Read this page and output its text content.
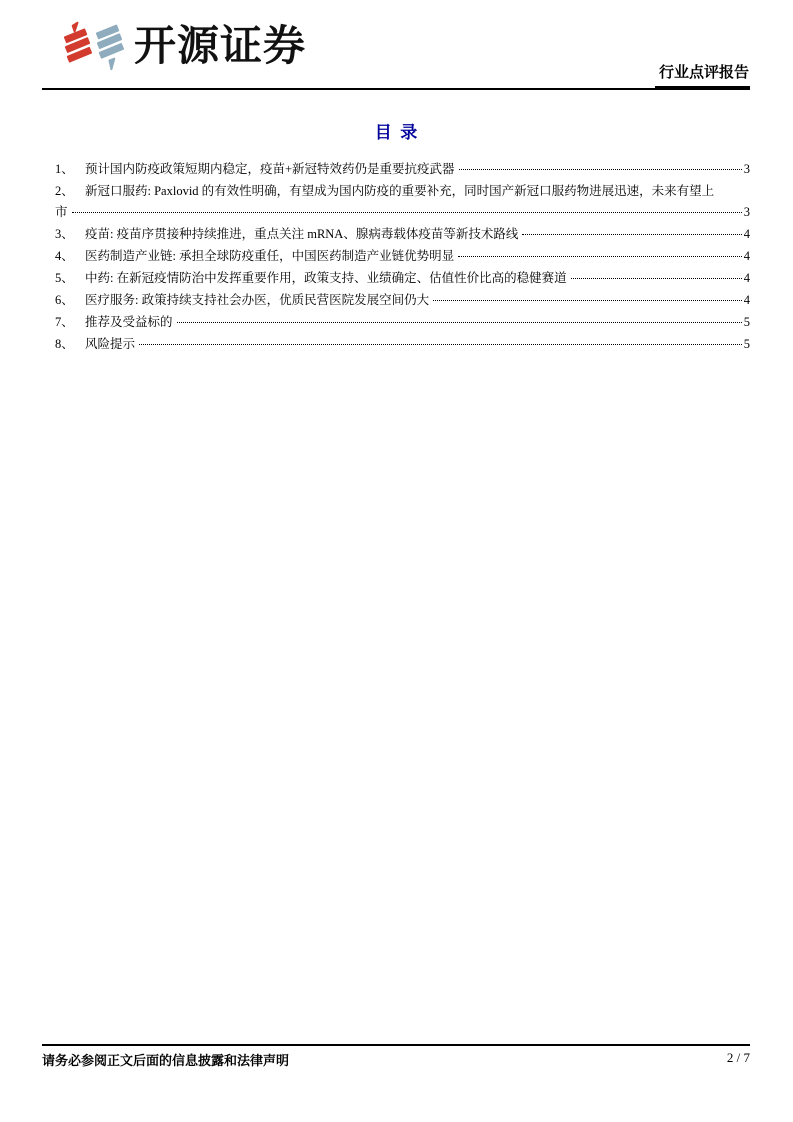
开源证券
行业点评报告
目  录
1、 预计国内防疫政策短期内稳定，疫苗+新冠特效药仍是重要抗疫武器	3
2、 新冠口服药: Paxlovid 的有效性明确，有望成为国内防疫的重要补充，同时国产新冠口服药物进展迅速，未来有望上
市	3
3、 疫苗: 疫苗序贯接种持续推进，重点关注 mRNA、腺病毒载体疫苗等新技术路线	4
4、 医药制造产业链: 承担全球防疫重任，中国医药制造产业链优势明显	4
5、 中药: 在新冠疫情防治中发挥重要作用，政策支持、业绩确定、估值性价比高的稳健赛道	4
6、 医疗服务: 政策持续支持社会办医，优质民营医院发展空间仍大	4
7、 推荐及受益标的	5
8、 风险提示	5
请务必参阅正文后面的信息披露和法律声明	2 / 7
